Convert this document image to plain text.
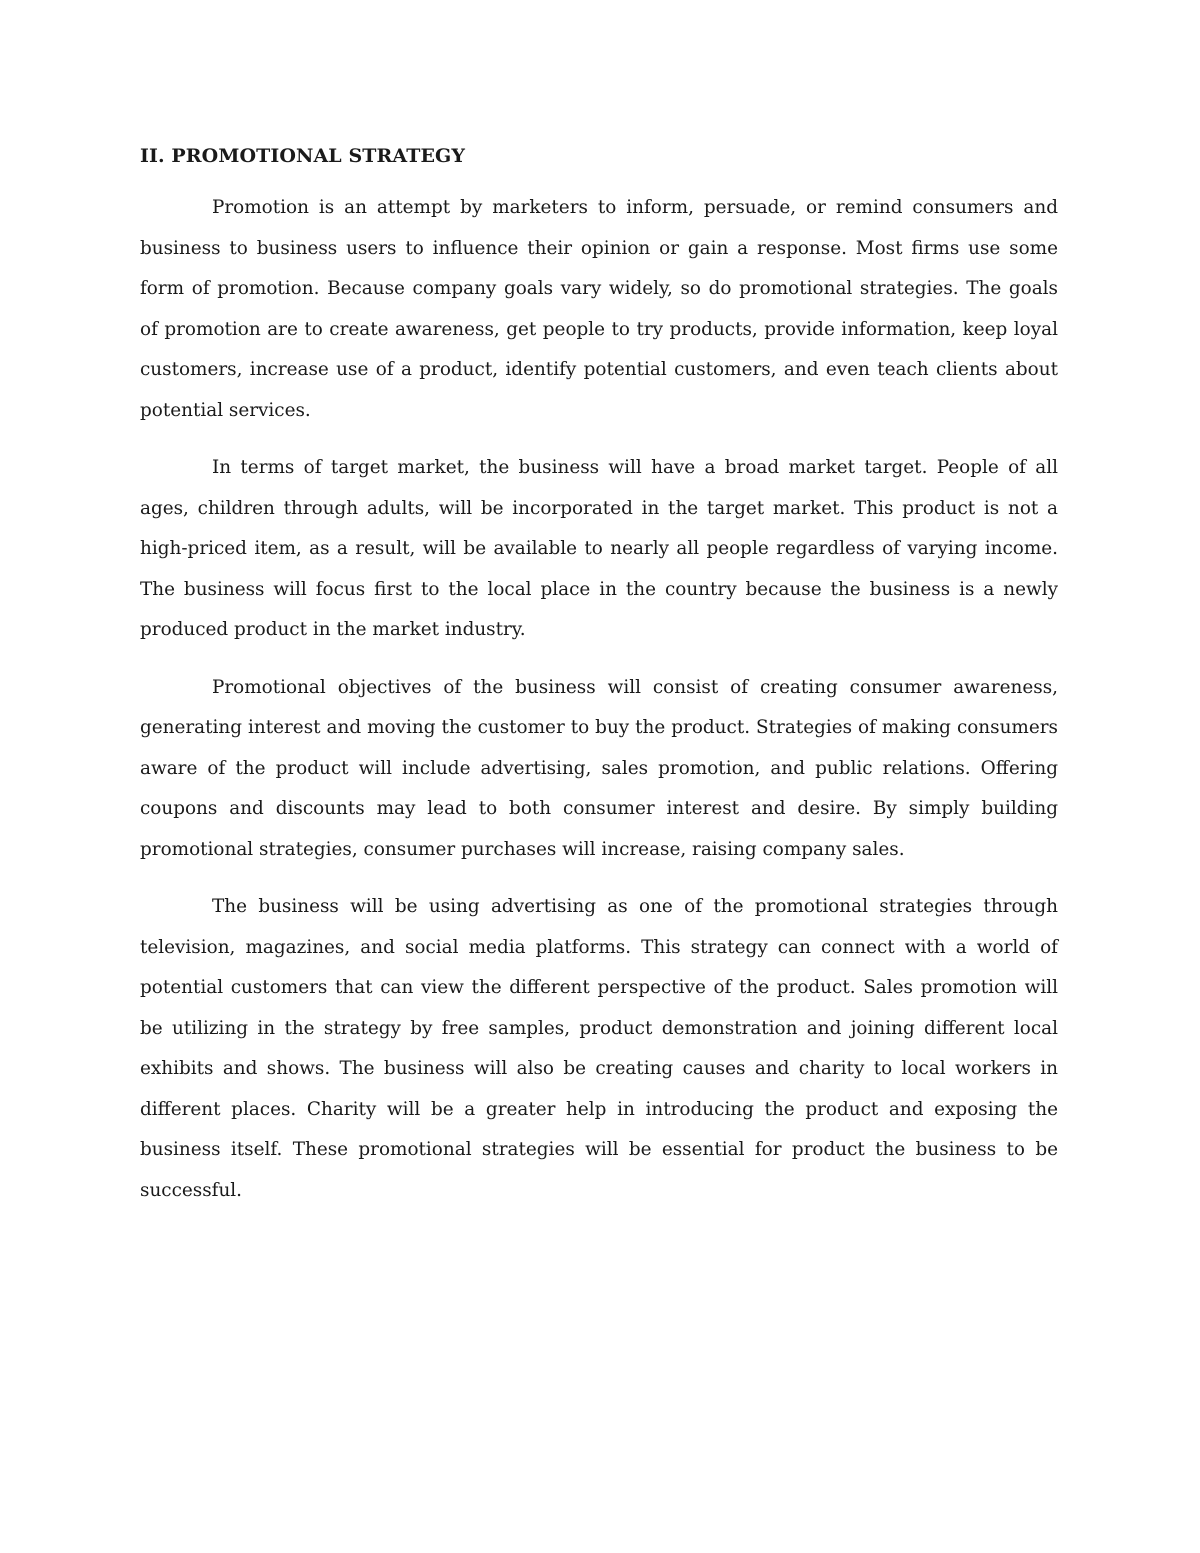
II. PROMOTIONAL STRATEGY

Promotion is an attempt by marketers to inform, persuade, or remind consumers and business to business users to influence their opinion or gain a response. Most firms use some form of promotion. Because company goals vary widely, so do promotional strategies. The goals of promotion are to create awareness, get people to try products, provide information, keep loyal customers, increase use of a product, identify potential customers, and even teach clients about potential services.

In terms of target market, the business will have a broad market target. People of all ages, children through adults, will be incorporated in the target market. This product is not a high-priced item, as a result, will be available to nearly all people regardless of varying income. The business will focus first to the local place in the country because the business is a newly produced product in the market industry.

Promotional objectives of the business will consist of creating consumer awareness, generating interest and moving the customer to buy the product. Strategies of making consumers aware of the product will include advertising, sales promotion, and public relations. Offering coupons and discounts may lead to both consumer interest and desire. By simply building promotional strategies, consumer purchases will increase, raising company sales.

The business will be using advertising as one of the promotional strategies through television, magazines, and social media platforms. This strategy can connect with a world of potential customers that can view the different perspective of the product. Sales promotion will be utilizing in the strategy by free samples, product demonstration and joining different local exhibits and shows. The business will also be creating causes and charity to local workers in different places. Charity will be a greater help in introducing the product and exposing the business itself. These promotional strategies will be essential for product the business to be successful.
